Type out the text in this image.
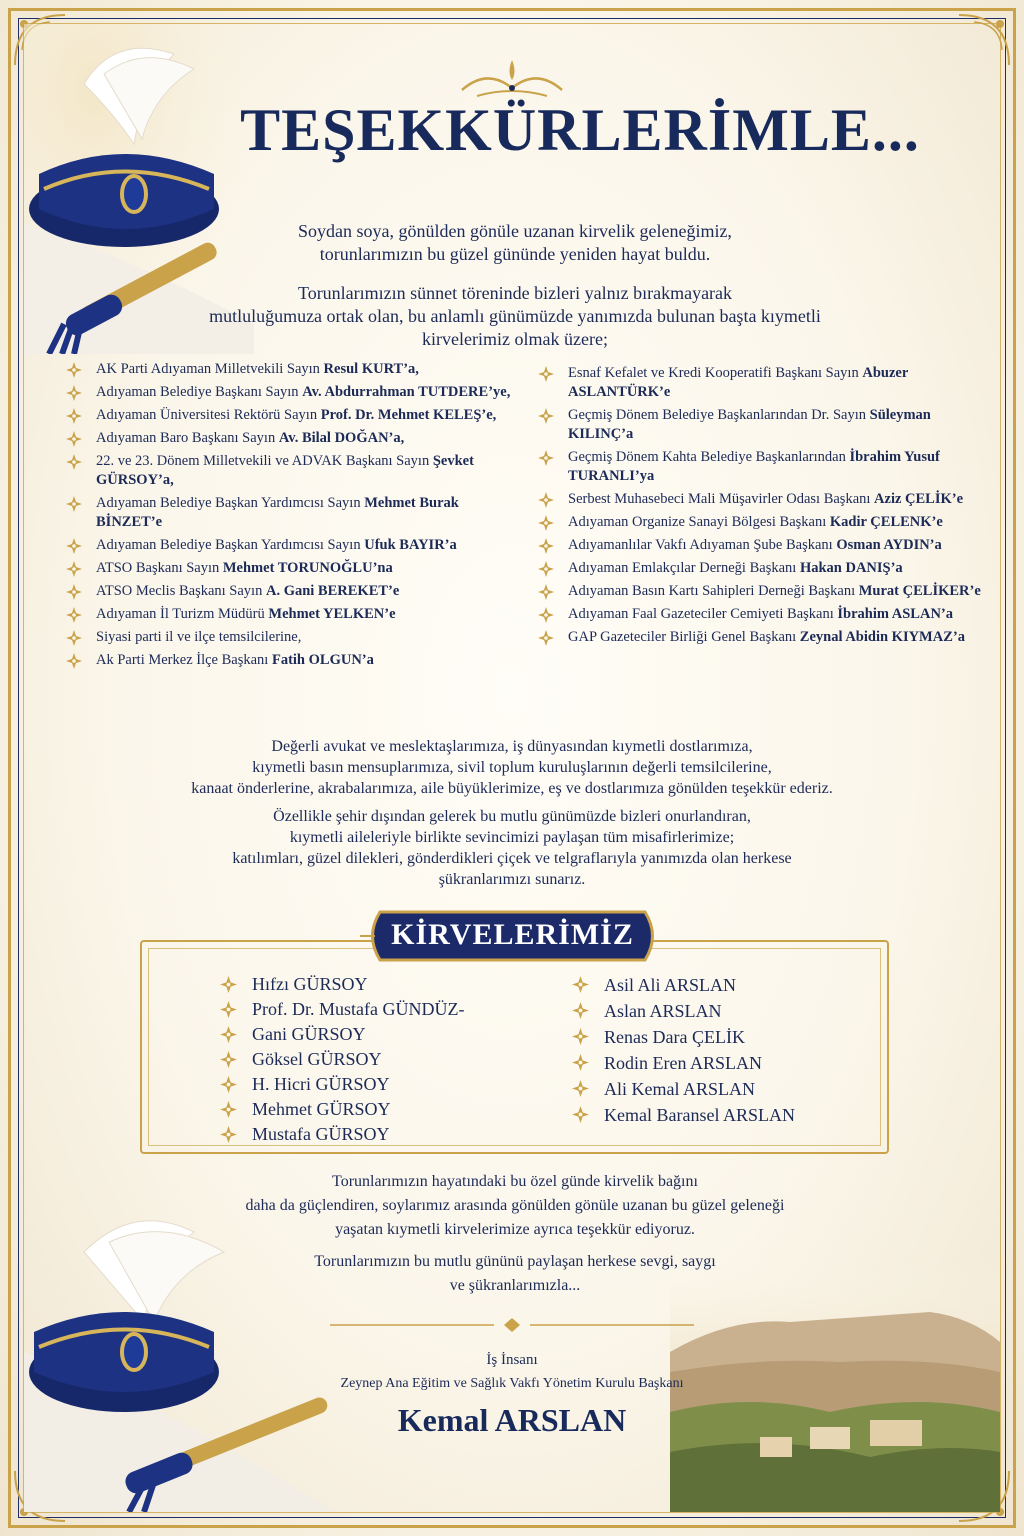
TEŞEKKÜRLERİMLE...
Soydan soya, gönülden gönüle uzanan kirvelik geleneğimiz,
torunlarımızın bu güzel gününde yeniden hayat buldu.
Torunlarımızın sünnet töreninde bizleri yalnız bırakmayarak
mutluluğumuza ortak olan, bu anlamlı günümüzde yanımızda bulunan başta kıymetli
kirvelerimiz olmak üzere;
AK Parti Adıyaman Milletvekili Sayın Resul KURT’a,
Adıyaman Belediye Başkanı Sayın Av. Abdurrahman TUTDERE’ye,
Adıyaman Üniversitesi Rektörü Sayın Prof. Dr. Mehmet KELEŞ’e,
Adıyaman Baro Başkanı Sayın Av. Bilal DOĞAN’a,
22. ve 23. Dönem Milletvekili ve ADVAK Başkanı Sayın Şevket GÜRSOY’a,
Adıyaman Belediye Başkan Yardımcısı Sayın Mehmet Burak BİNZET’e
Adıyaman Belediye Başkan Yardımcısı Sayın Ufuk BAYIR’a
ATSO Başkanı Sayın Mehmet TORUNOĞLU’na
ATSO Meclis Başkanı Sayın A. Gani BEREKET’e
Adıyaman İl Turizm Müdürü Mehmet YELKEN’e
Siyasi parti il ve ilçe temsilcilerine,
Ak Parti Merkez İlçe Başkanı Fatih OLGUN’a
Esnaf Kefalet ve Kredi Kooperatifi Başkanı Sayın Abuzer ASLANTÜRK’e
Geçmiş Dönem Belediye Başkanlarından Dr. Sayın Süleyman KILINÇ’a
Geçmiş Dönem Kahta Belediye Başkanlarından İbrahim Yusuf TURANLI’ya
Serbest Muhasebeci Mali Müşavirler Odası Başkanı Aziz ÇELİK’e
Adıyaman Organize Sanayi Bölgesi Başkanı Kadir ÇELENK’e
Adıyamanlılar Vakfı Adıyaman Şube Başkanı Osman AYDIN’a
Adıyaman Emlakçılar Derneği Başkanı Hakan DANIŞ’a
Adıyaman Basın Kartı Sahipleri Derneği Başkanı Murat ÇELİKER’e
Adıyaman Faal Gazeteciler Cemiyeti Başkanı İbrahim ASLAN’a
GAP Gazeteciler Birliği Genel Başkanı Zeynal Abidin KIYMAZ’a
Değerli avukat ve meslektaşlarımıza, iş dünyasından kıymetli dostlarımıza,
kıymetli basın mensuplarımıza, sivil toplum kuruluşlarının değerli temsilcilerine,
kanaat önderlerine, akrabalarımıza, aile büyüklerimize, eş ve dostlarımıza gönülden teşekkür ederiz.
Özellikle şehir dışından gelerek bu mutlu günümüzde bizleri onurlandıran,
kıymetli aileleriyle birlikte sevincimizi paylaşan tüm misafirlerimize;
katılımları, güzel dilekleri, gönderdikleri çiçek ve telgraflarıyla yanımızda olan herkese
şükranlarımızı sunarız.
KİRVELERİMİZ
Hıfzı GÜRSOY
Prof. Dr. Mustafa GÜNDÜZ-
Gani GÜRSOY
Göksel GÜRSOY
H. Hicri GÜRSOY
Mehmet GÜRSOY
Mustafa GÜRSOY
Asil Ali ARSLAN
Aslan ARSLAN
Renas Dara ÇELİK
Rodin Eren ARSLAN
Ali Kemal ARSLAN
Kemal Baransel ARSLAN
Torunlarımızın hayatındaki bu özel günde kirvelik bağını
daha da güçlendiren, soylarımız arasında gönülden gönüle uzanan bu güzel geleneği
yaşatan kıymetli kirvelerimize ayrıca teşekkür ediyoruz.
Torunlarımızın bu mutlu gününü paylaşan herkese sevgi, saygı
ve şükranlarımızla...
İş İnsanı
Zeynep Ana Eğitim ve Sağlık Vakfı Yönetim Kurulu Başkanı
Kemal ARSLAN
